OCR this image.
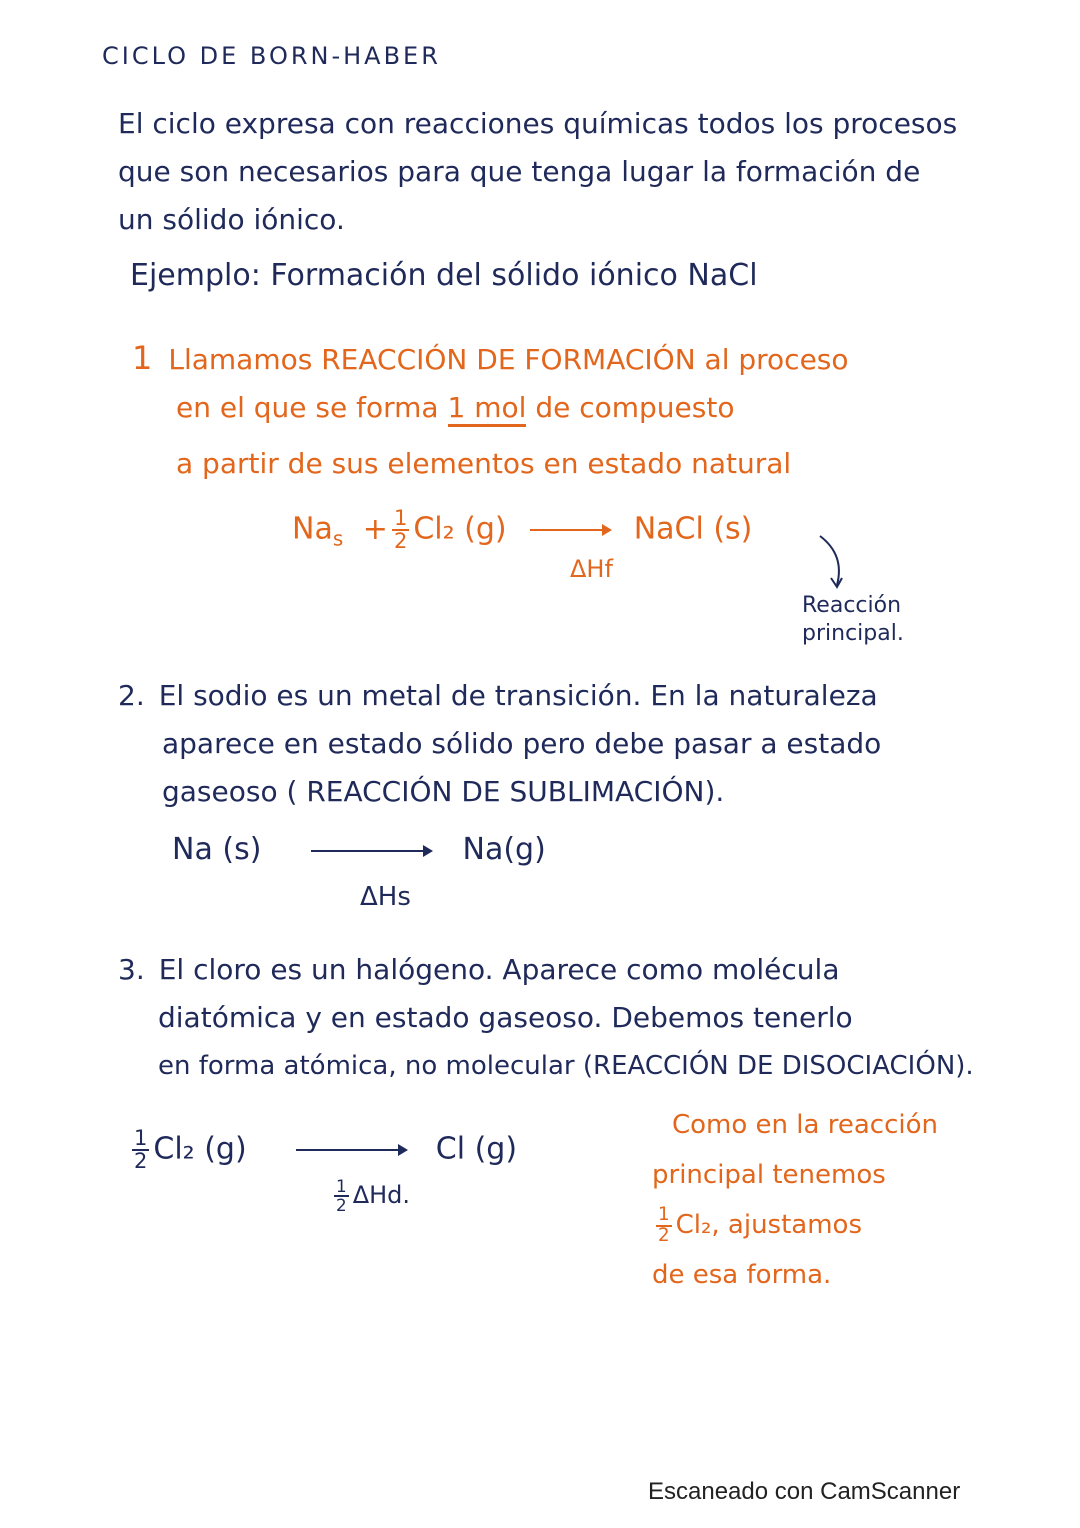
CICLO DE BORN-HABER
El ciclo expresa con reacciones químicas todos los procesos
que son necesarios para que tenga lugar la formación de
un sólido iónico.
Ejemplo: Formación del sólido iónico NaCl
1 Llamamos REACCIÓN DE FORMACIÓN al proceso
en el que se forma 1 mol de compuesto
a partir de sus elementos en estado natural
$Na_s + \frac{1}{2} Cl_2$ (g) → NaCl (s)
ΔHf
Reacción
principal.
2. El sodio es un metal de transición. En la naturaleza
aparece en estado sólido pero debe pasar a estado
gaseoso ( REACCIÓN DE SUBLIMACIÓN).
Na (s) → Na(g)
ΔHs
3. El cloro es un halógeno. Aparece como molécula
diatómica y en estado gaseoso. Debemos tenerlo
en forma atómica, no molecular (REACCIÓN DE DISOCIACIÓN).
$\frac{1}{2} Cl_2$ (g) → Cl (g)
$\frac{1}{2} \Delta Hd$.
Como en la reacción
principal tenemos
$\frac{1}{2} Cl_2$, ajustamos
de esa forma.
Escaneado con CamScanner
